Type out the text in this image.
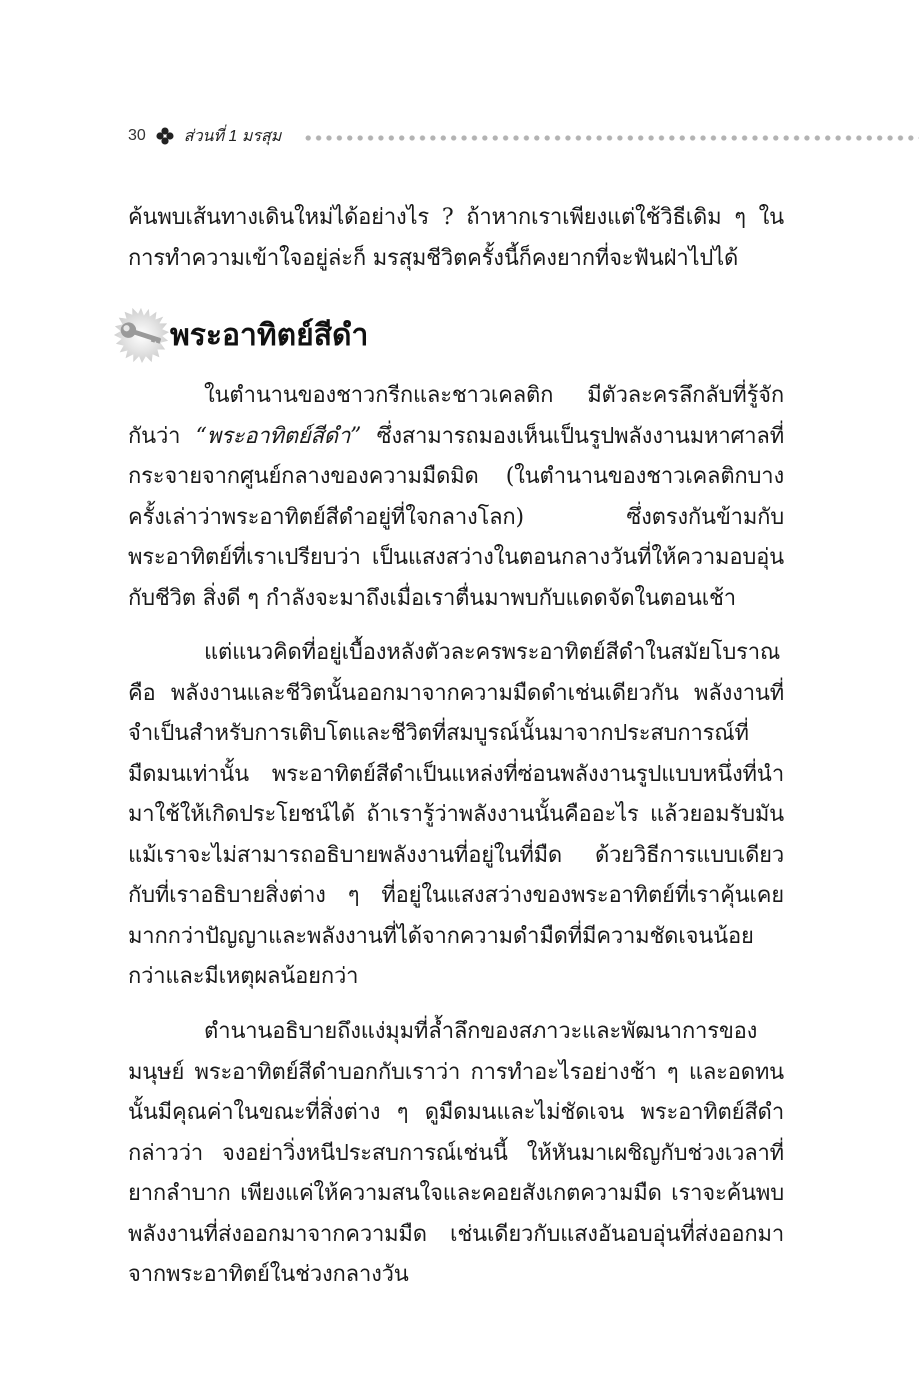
30 ส่วนที่ 1 มรสุม

ค้นพบเส้นทางเดินใหม่ได้อย่างไร ? ถ้าหากเราเพียงแต่ใช้วิธีเดิม ๆ ในการทำความเข้าใจอยู่ล่ะก็ มรสุมชีวิตครั้งนี้ก็คงยากที่จะฟันฝ่าไปได้

พระอาทิตย์สีดำ

ในตำนานของชาวกรีกและชาวเคลติก มีตัวละครลึกลับที่รู้จักกันว่า “พระอาทิตย์สีดำ” ซึ่งสามารถมองเห็นเป็นรูปพลังงานมหาศาลที่กระจายจากศูนย์กลางของความมืดมิด (ในตำนานของชาวเคลติกบางครั้งเล่าว่าพระอาทิตย์สีดำอยู่ที่ใจกลางโลก) ซึ่งตรงกันข้ามกับพระอาทิตย์ที่เราเปรียบว่า เป็นแสงสว่างในตอนกลางวันที่ให้ความอบอุ่นกับชีวิต สิ่งดี ๆ กำลังจะมาถึงเมื่อเราตื่นมาพบกับแดดจัดในตอนเช้า

แต่แนวคิดที่อยู่เบื้องหลังตัวละครพระอาทิตย์สีดำในสมัยโบราณ คือ พลังงานและชีวิตนั้นออกมาจากความมืดดำเช่นเดียวกัน พลังงานที่จำเป็นสำหรับการเติบโตและชีวิตที่สมบูรณ์นั้นมาจากประสบการณ์ที่มืดมนเท่านั้น พระอาทิตย์สีดำเป็นแหล่งที่ซ่อนพลังงานรูปแบบหนึ่งที่นำมาใช้ให้เกิดประโยชน์ได้ ถ้าเรารู้ว่าพลังงานนั้นคืออะไร แล้วยอมรับมัน แม้เราจะไม่สามารถอธิบายพลังงานที่อยู่ในที่มืด ด้วยวิธีการแบบเดียวกับที่เราอธิบายสิ่งต่าง ๆ ที่อยู่ในแสงสว่างของพระอาทิตย์ที่เราคุ้นเคยมากกว่าปัญญาและพลังงานที่ได้จากความดำมืดที่มีความชัดเจนน้อยกว่าและมีเหตุผลน้อยกว่า

ตำนานอธิบายถึงแง่มุมที่ล้ำลึกของสภาวะและพัฒนาการของมนุษย์ พระอาทิตย์สีดำบอกกับเราว่า การทำอะไรอย่างช้า ๆ และอดทนนั้นมีคุณค่าในขณะที่สิ่งต่าง ๆ ดูมืดมนและไม่ชัดเจน พระอาทิตย์สีดำกล่าวว่า จงอย่าวิ่งหนีประสบการณ์เช่นนี้ ให้หันมาเผชิญกับช่วงเวลาที่ยากลำบาก เพียงแค่ให้ความสนใจและคอยสังเกตความมืด เราจะค้นพบพลังงานที่ส่งออกมาจากความมืด เช่นเดียวกับแสงอันอบอุ่นที่ส่งออกมาจากพระอาทิตย์ในช่วงกลางวัน
